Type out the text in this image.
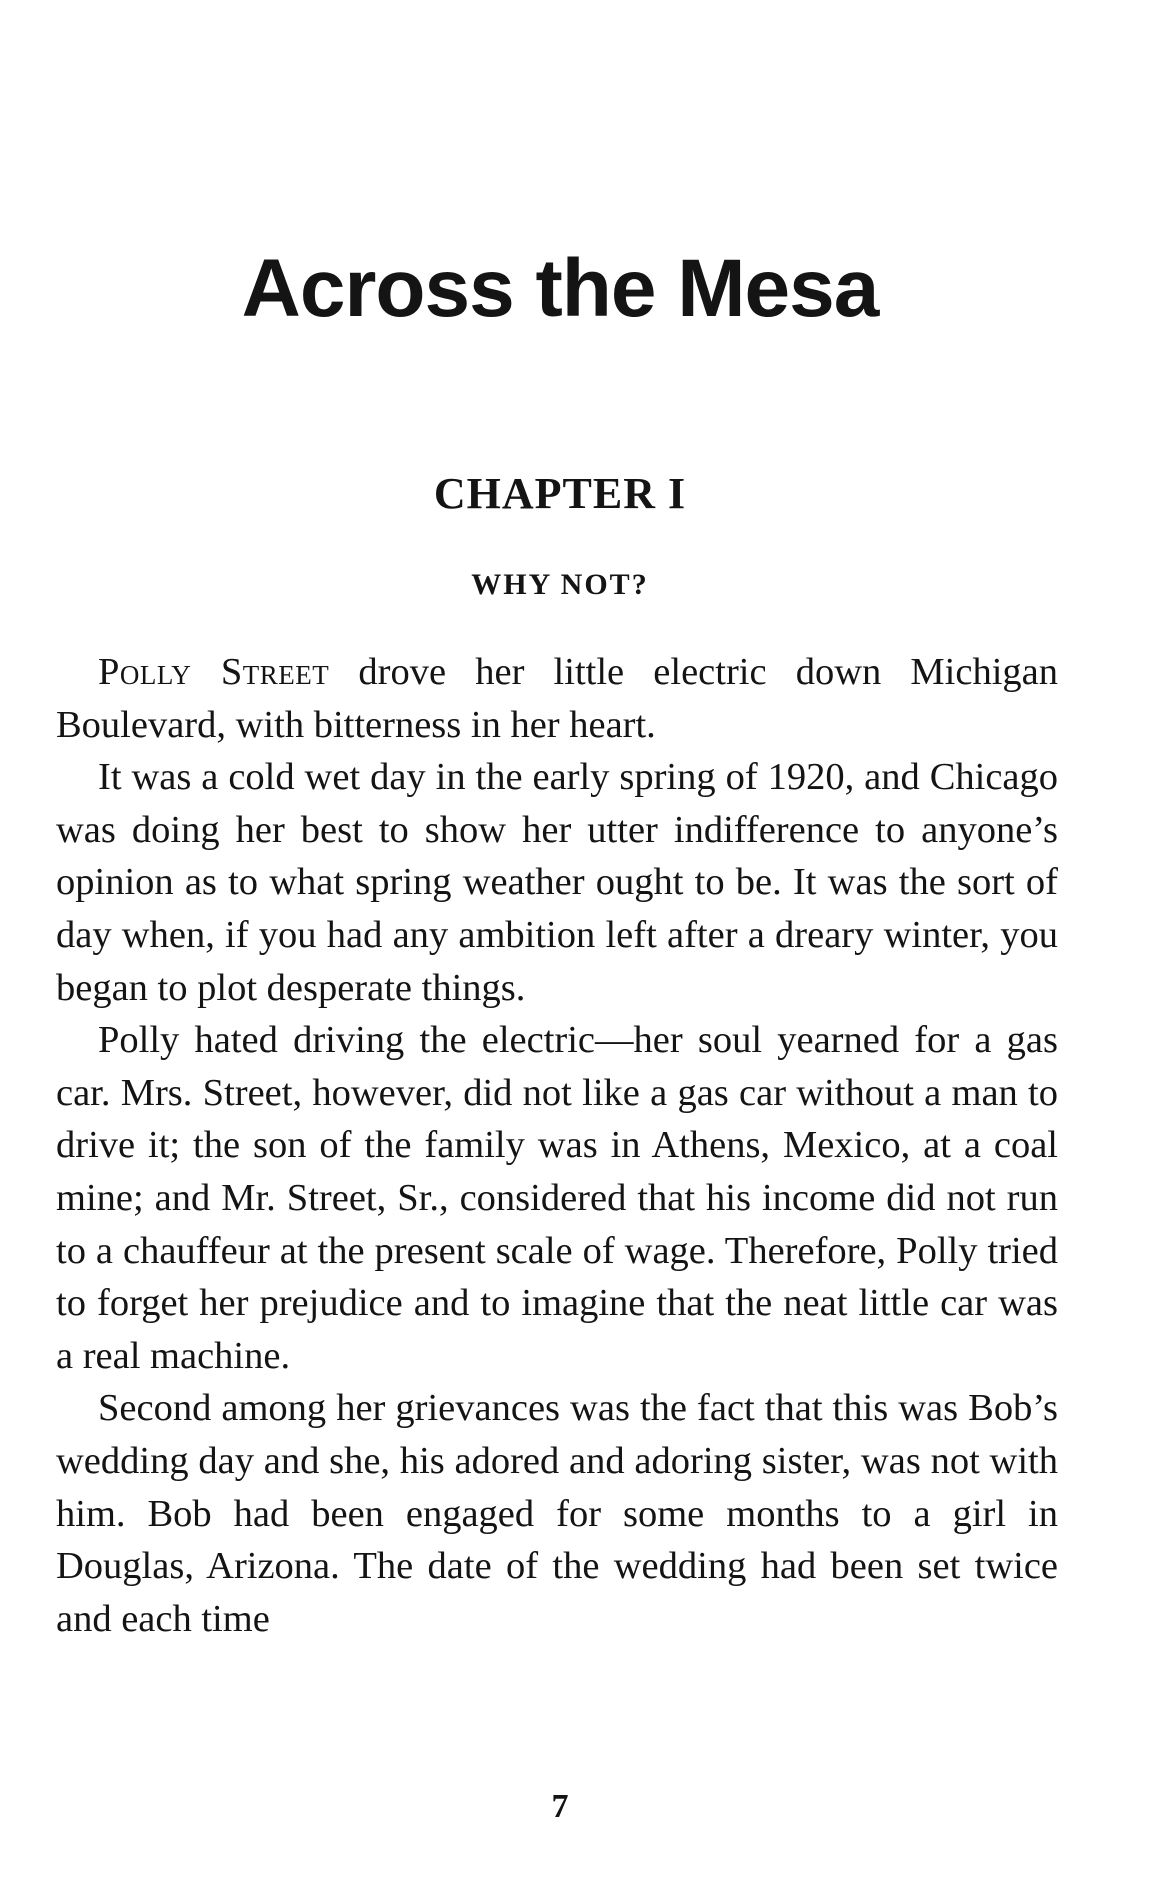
Across the Mesa
CHAPTER I
WHY NOT?

Polly Street drove her little electric down Michigan Boulevard, with bitterness in her heart.

It was a cold wet day in the early spring of 1920, and Chicago was doing her best to show her utter indifference to anyone’s opinion as to what spring weather ought to be. It was the sort of day when, if you had any ambition left after a dreary winter, you began to plot desperate things.

Polly hated driving the electric—her soul yearned for a gas car. Mrs. Street, however, did not like a gas car without a man to drive it; the son of the family was in Athens, Mexico, at a coal mine; and Mr. Street, Sr., considered that his income did not run to a chauffeur at the present scale of wage. Therefore, Polly tried to forget her prejudice and to imagine that the neat little car was a real machine.

Second among her grievances was the fact that this was Bob’s wedding day and she, his adored and adoring sister, was not with him. Bob had been engaged for some months to a girl in Douglas, Arizona. The date of the wedding had been set twice and each time

7
